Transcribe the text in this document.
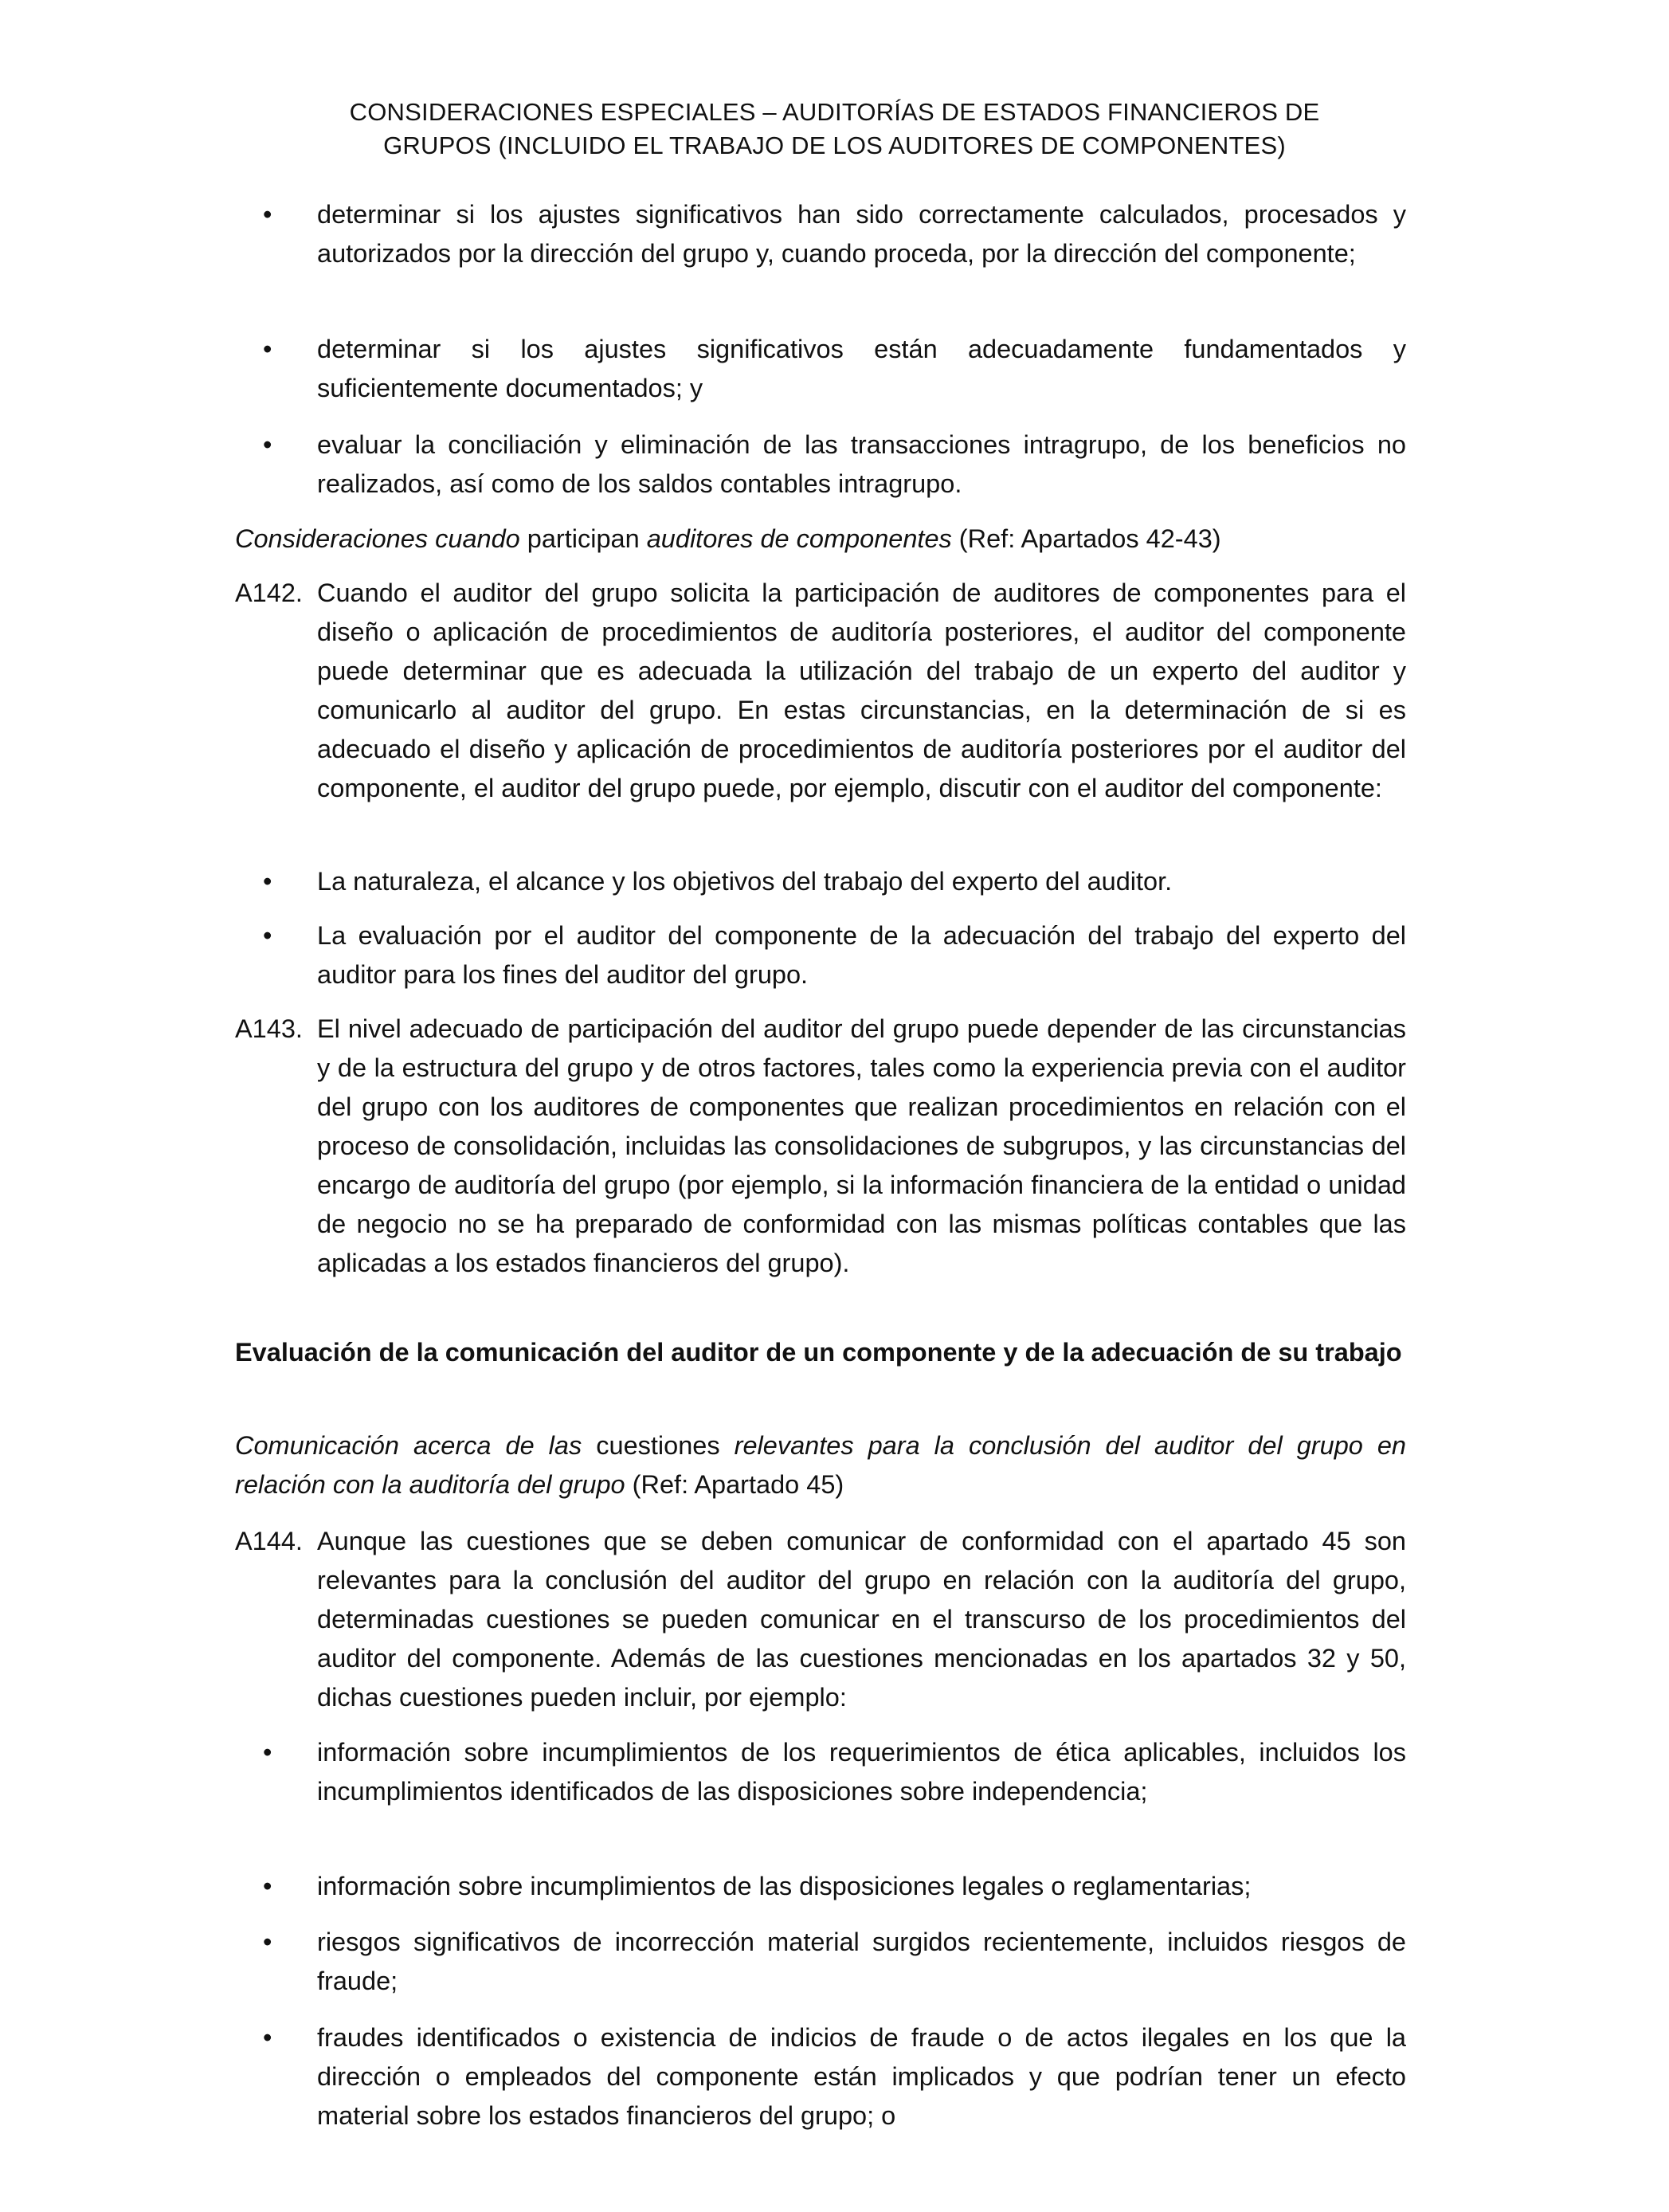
CONSIDERACIONES ESPECIALES – AUDITORÍAS DE ESTADOS FINANCIEROS DE
GRUPOS (INCLUIDO EL TRABAJO DE LOS AUDITORES DE COMPONENTES)
•	determinar si los ajustes significativos han sido correctamente calculados, procesados y autorizados por la dirección del grupo y, cuando proceda, por la dirección del componente;
•	determinar si los ajustes significativos están adecuadamente fundamentados y suficientemente documentados; y
•	evaluar la conciliación y eliminación de las transacciones intragrupo, de los beneficios no realizados, así como de los saldos contables intragrupo.
Consideraciones cuando participan auditores de componentes (Ref: Apartados 42-43)
A142. Cuando el auditor del grupo solicita la participación de auditores de componentes para el diseño o aplicación de procedimientos de auditoría posteriores, el auditor del componente puede determinar que es adecuada la utilización del trabajo de un experto del auditor y comunicarlo al auditor del grupo. En estas circunstancias, en la determinación de si es adecuado el diseño y aplicación de procedimientos de auditoría posteriores por el auditor del componente, el auditor del grupo puede, por ejemplo, discutir con el auditor del componente:
•	La naturaleza, el alcance y los objetivos del trabajo del experto del auditor.
•	La evaluación por el auditor del componente de la adecuación del trabajo del experto del auditor para los fines del auditor del grupo.
A143. El nivel adecuado de participación del auditor del grupo puede depender de las circunstancias y de la estructura del grupo y de otros factores, tales como la experiencia previa con el auditor del grupo con los auditores de componentes que realizan procedimientos en relación con el proceso de consolidación, incluidas las consolidaciones de subgrupos, y las circunstancias del encargo de auditoría del grupo (por ejemplo, si la información financiera de la entidad o unidad de negocio no se ha preparado de conformidad con las mismas políticas contables que las aplicadas a los estados financieros del grupo).
Evaluación de la comunicación del auditor de un componente y de la adecuación de su trabajo
Comunicación acerca de las cuestiones relevantes para la conclusión del auditor del grupo en relación con la auditoría del grupo (Ref: Apartado 45)
A144. Aunque las cuestiones que se deben comunicar de conformidad con el apartado 45 son relevantes para la conclusión del auditor del grupo en relación con la auditoría del grupo, determinadas cuestiones se pueden comunicar en el transcurso de los procedimientos del auditor del componente. Además de las cuestiones mencionadas en los apartados 32 y 50, dichas cuestiones pueden incluir, por ejemplo:
•	información sobre incumplimientos de los requerimientos de ética aplicables, incluidos los incumplimientos identificados de las disposiciones sobre independencia;
•	información sobre incumplimientos de las disposiciones legales o reglamentarias;
•	riesgos significativos de incorrección material surgidos recientemente, incluidos riesgos de fraude;
•	fraudes identificados o existencia de indicios de fraude o de actos ilegales en los que la dirección o empleados del componente están implicados y que podrían tener un efecto material sobre los estados financieros del grupo; o
